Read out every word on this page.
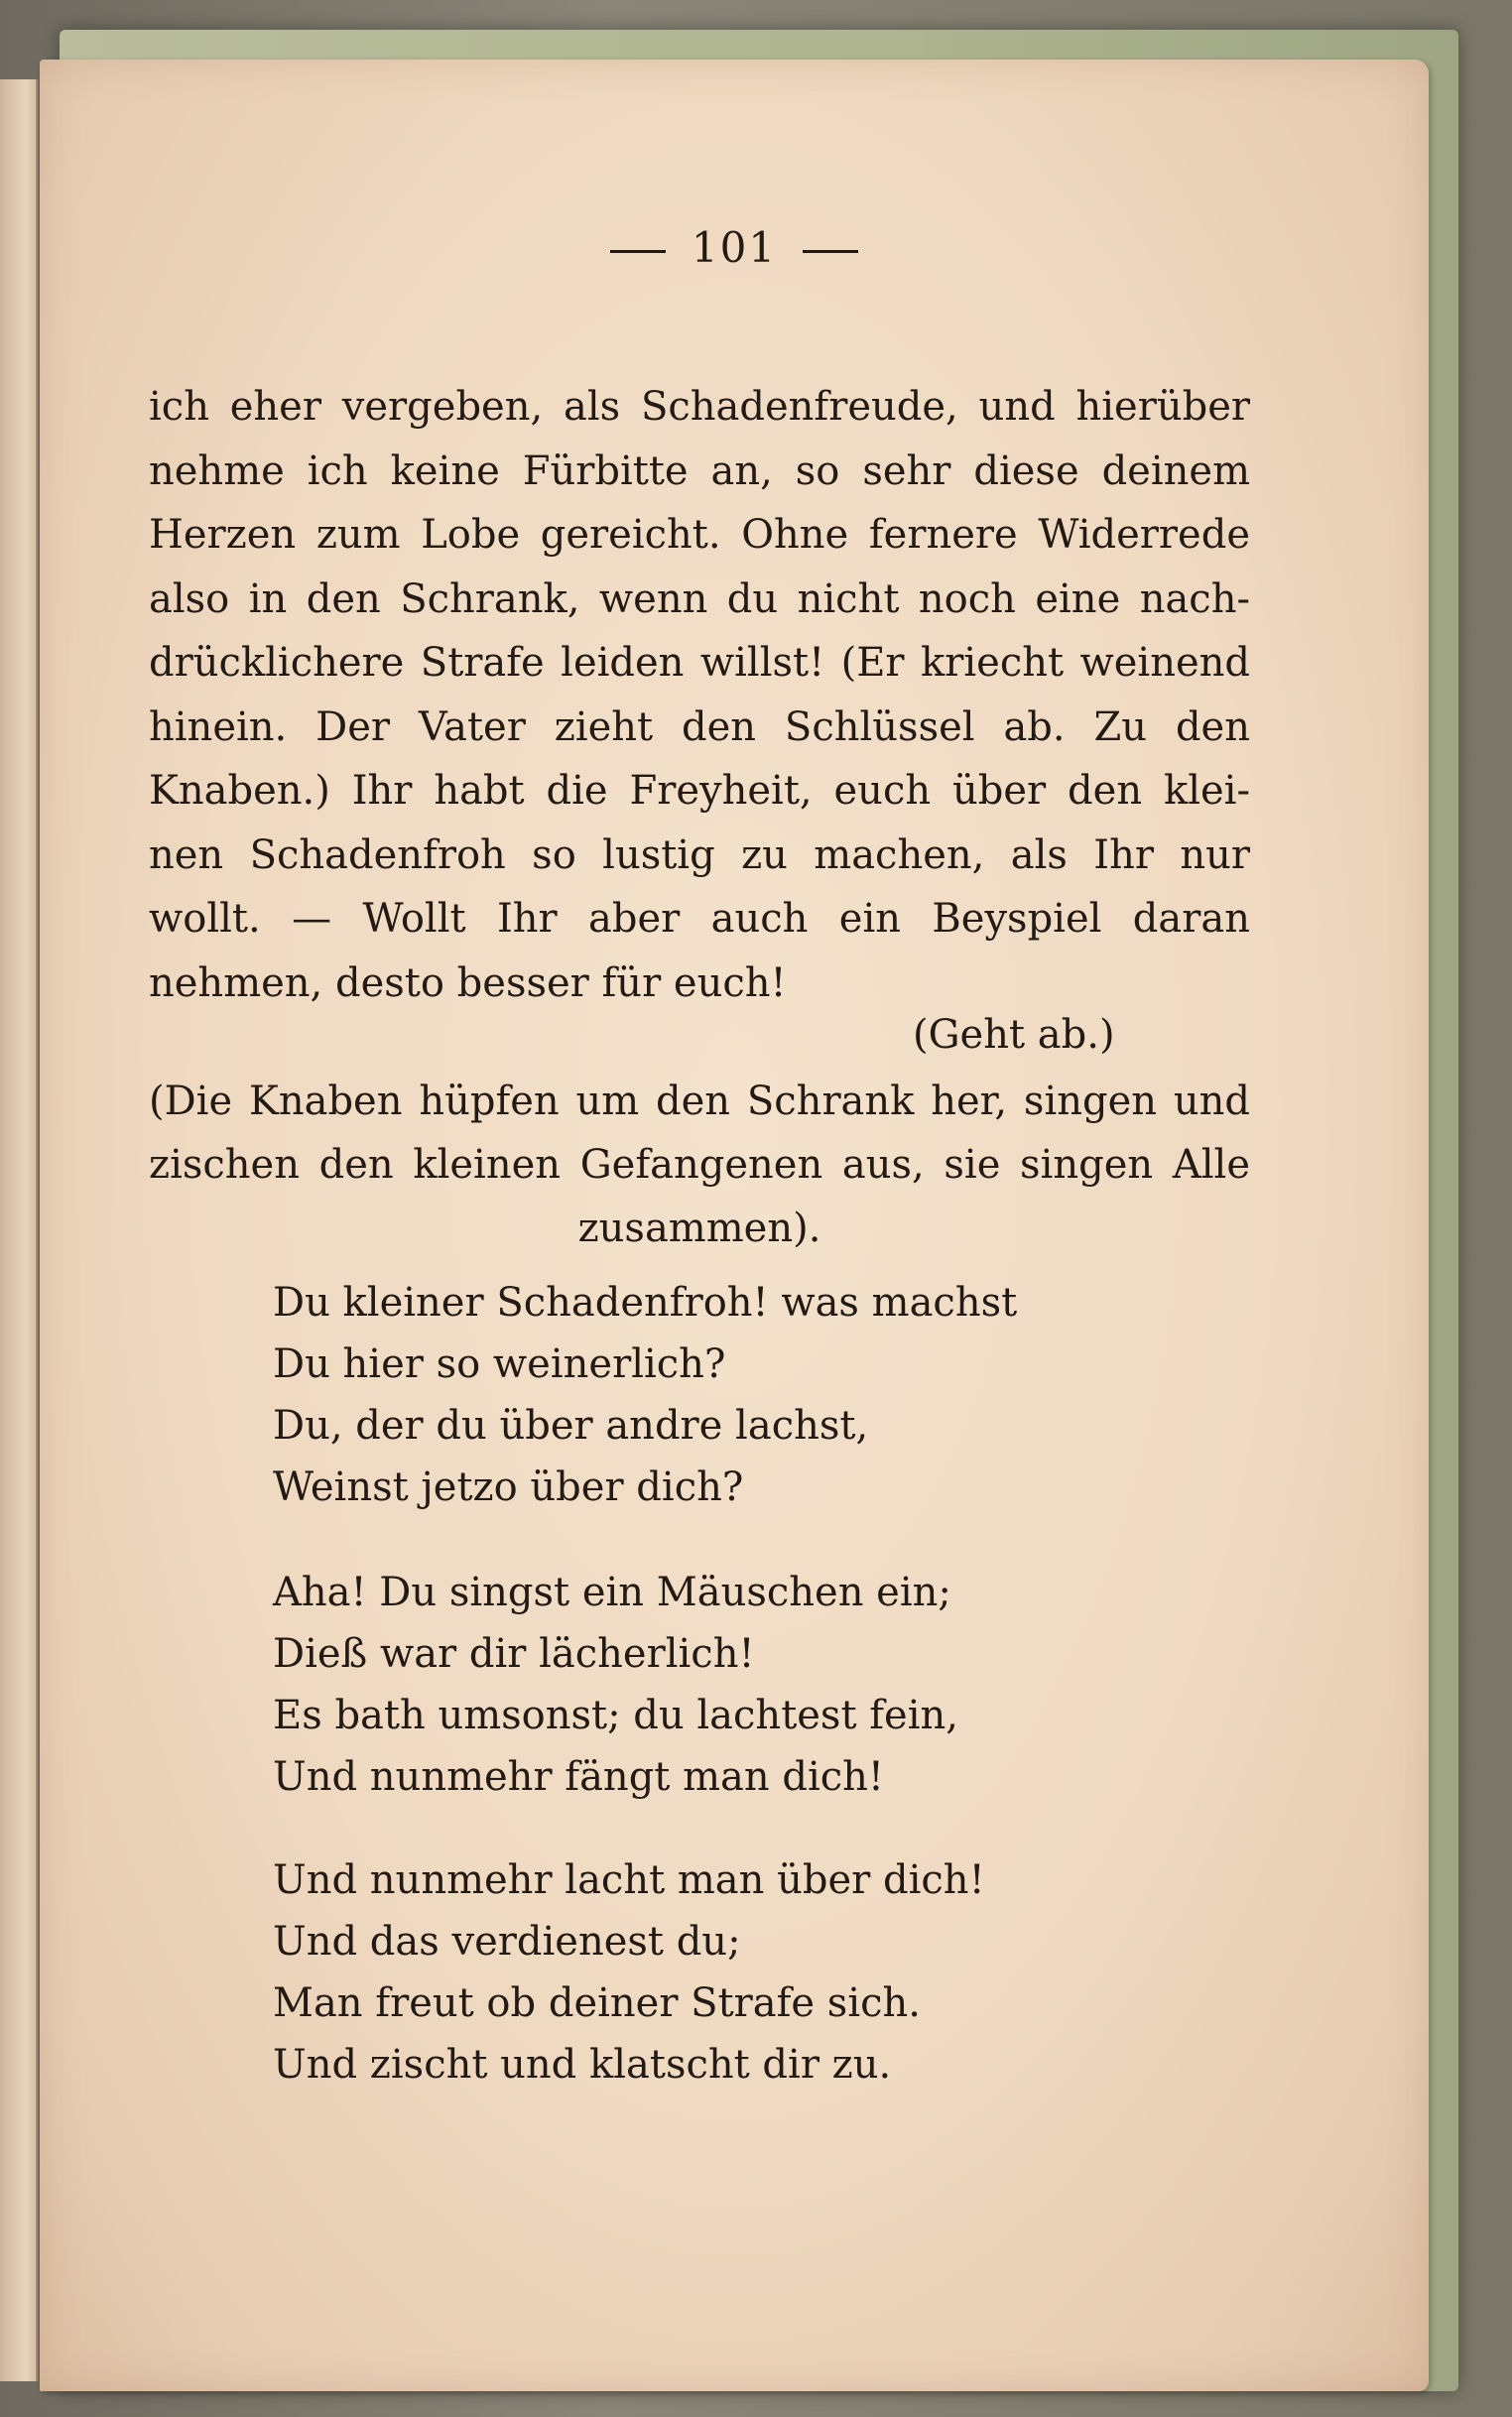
101
ich eher vergeben, als Schadenfreude, und hierüber
nehme ich keine Fürbitte an, so sehr diese deinem
Herzen zum Lobe gereicht. Ohne fernere Widerrede
also in den Schrank, wenn du nicht noch eine nach-
drücklichere Strafe leiden willst! (Er kriecht weinend
hinein. Der Vater zieht den Schlüssel ab. Zu den
Knaben.) Ihr habt die Freyheit, euch über den klei-
nen Schadenfroh so lustig zu machen, als Ihr nur
wollt. — Wollt Ihr aber auch ein Beyspiel daran
nehmen, desto besser für euch!
(Geht ab.)
(Die Knaben hüpfen um den Schrank her, singen und
zischen den kleinen Gefangenen aus, sie singen Alle
zusammen).
Du kleiner Schadenfroh! was machst
Du hier so weinerlich?
Du, der du über andre lachst,
Weinst jetzo über dich?
Aha! Du singst ein Mäuschen ein;
Dieß war dir lächerlich!
Es bath umsonst; du lachtest fein,
Und nunmehr fängt man dich!
Und nunmehr lacht man über dich!
Und das verdienest du;
Man freut ob deiner Strafe sich.
Und zischt und klatscht dir zu.
